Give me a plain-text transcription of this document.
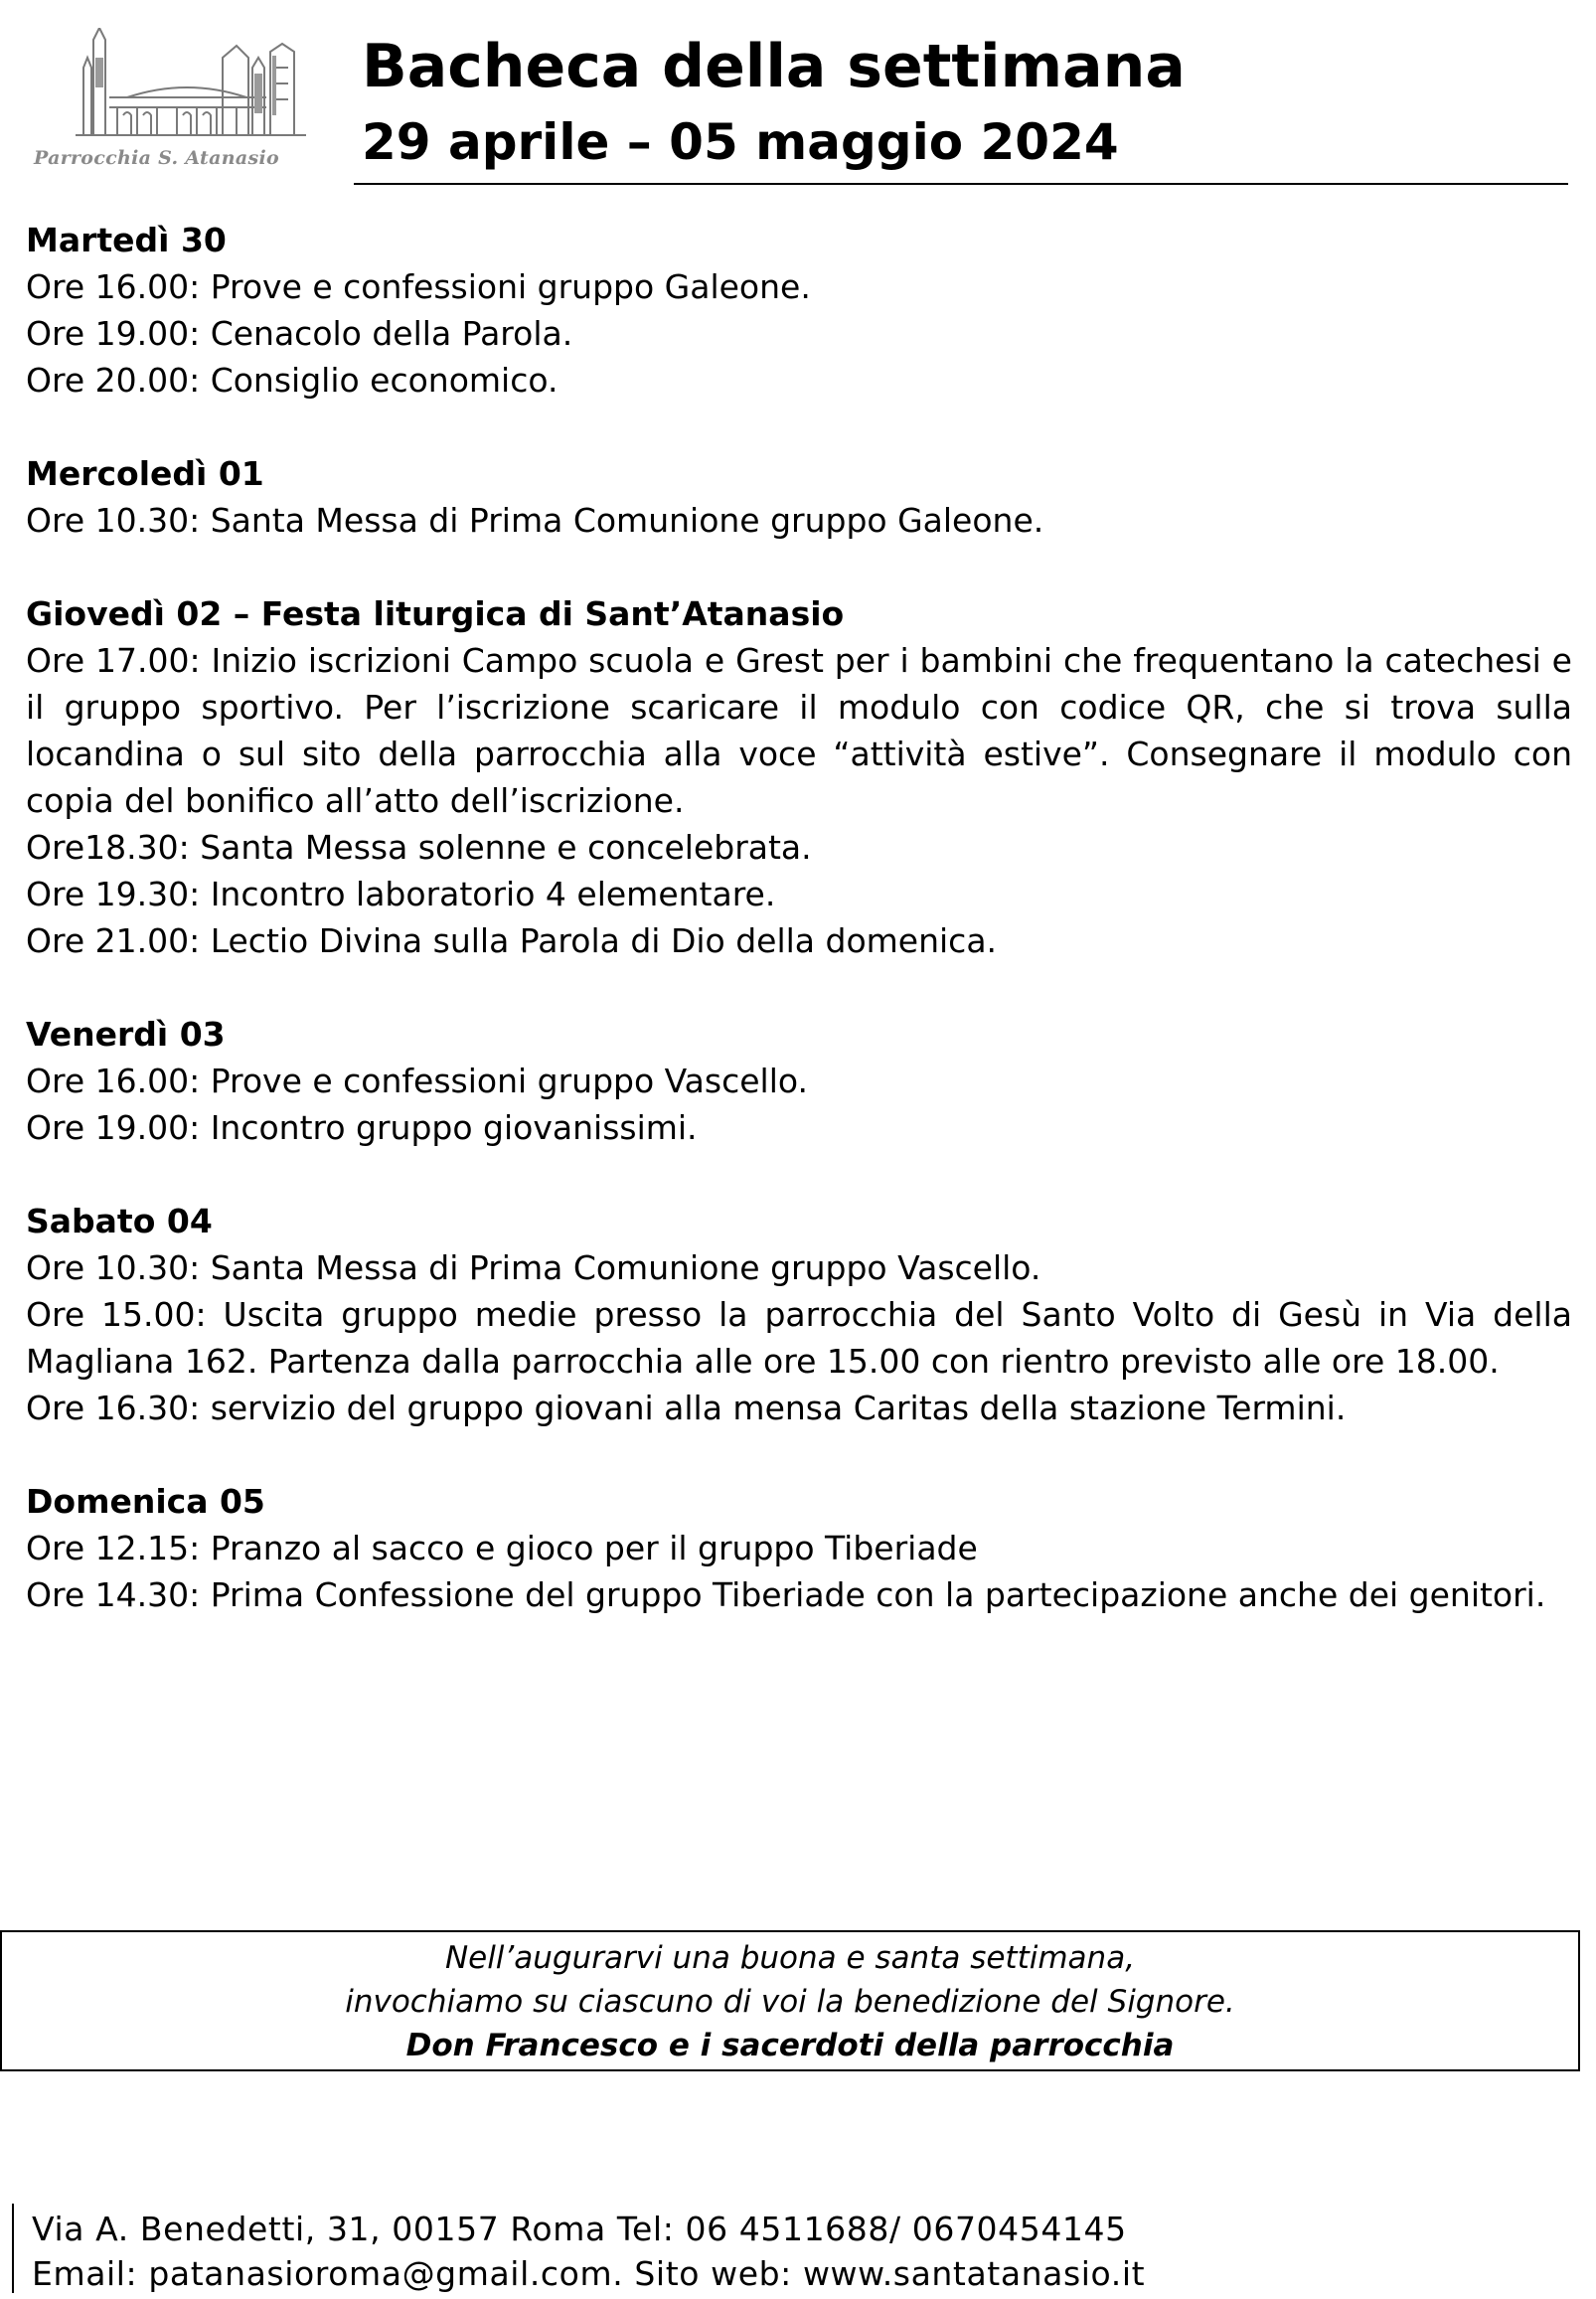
Parrocchia S. Atanasio
Bacheca della settimana
29 aprile – 05 maggio 2024

Martedì 30

Ore 16.00: Prove e confessioni gruppo Galeone.

Ore 19.00: Cenacolo della Parola.

Ore 20.00: Consiglio economico.

Mercoledì 01

Ore 10.30: Santa Messa di Prima Comunione gruppo Galeone.

Giovedì 02 – Festa liturgica di Sant’Atanasio

Ore 17.00: Inizio iscrizioni Campo scuola e Grest per i bambini che frequentano la catechesi e il gruppo sportivo. Per l’iscrizione scaricare il modulo con codice QR, che si trova sulla locandina o sul sito della parrocchia alla voce “attività estive”. Consegnare il modulo con copia del bonifico all’atto dell’iscrizione.

Ore18.30: Santa Messa solenne e concelebrata.

Ore 19.30: Incontro laboratorio 4 elementare.

Ore 21.00: Lectio Divina sulla Parola di Dio della domenica.

Venerdì 03

Ore 16.00: Prove e confessioni gruppo Vascello.

Ore 19.00: Incontro gruppo giovanissimi.

Sabato 04

Ore 10.30: Santa Messa di Prima Comunione gruppo Vascello.

Ore 15.00: Uscita gruppo medie presso la parrocchia del Santo Volto di Gesù in Via della Magliana 162. Partenza dalla parrocchia alle ore 15.00 con rientro previsto alle ore 18.00.

Ore 16.30: servizio del gruppo giovani alla mensa Caritas della stazione Termini.

Domenica 05

Ore 12.15: Pranzo al sacco e gioco per il gruppo Tiberiade

Ore 14.30: Prima Confessione del gruppo Tiberiade con la partecipazione anche dei genitori.

Nell’augurarvi una buona e santa settimana,

invochiamo su ciascuno di voi la benedizione del Signore.

Don Francesco e i sacerdoti della parrocchia

Via A. Benedetti, 31, 00157 Roma Tel: 06 4511688/ 0670454145

Email: patanasioroma@gmail.com. Sito web: www.santatanasio.it
